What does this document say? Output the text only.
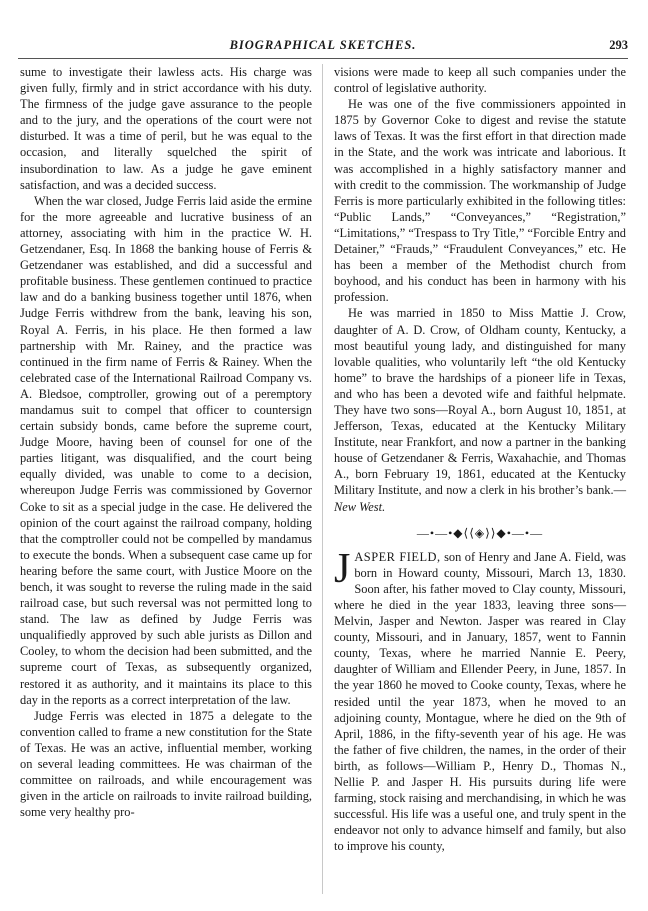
BIOGRAPHICAL SKETCHES.	293

sume to investigate their lawless acts. His charge was given fully, firmly and in strict accordance with his duty. The firmness of the judge gave assurance to the people and to the jury, and the operations of the court were not disturbed. It was a time of peril, but he was equal to the occasion, and literally squelched the spirit of insubordination to law. As a judge he gave eminent satisfaction, and was a decided success.

When the war closed, Judge Ferris laid aside the ermine for the more agreeable and lucrative business of an attorney, associating with him in the practice W. H. Getzendaner, Esq. In 1868 the banking house of Ferris & Getzendaner was established, and did a successful and profitable business. These gentlemen continued to practice law and do a banking business together until 1876, when Judge Ferris withdrew from the bank, leaving his son, Royal A. Ferris, in his place. He then formed a law partnership with Mr. Rainey, and the practice was continued in the firm name of Ferris & Rainey. When the celebrated case of the International Railroad Company vs. A. Bledsoe, comptroller, growing out of a peremptory mandamus suit to compel that officer to countersign certain subsidy bonds, came before the supreme court, Judge Moore, having been of counsel for one of the parties litigant, was disqualified, and the court being equally divided, was unable to come to a decision, whereupon Judge Ferris was commissioned by Governor Coke to sit as a special judge in the case. He delivered the opinion of the court against the railroad company, holding that the comptroller could not be compelled by mandamus to execute the bonds. When a subsequent case came up for hearing before the same court, with Justice Moore on the bench, it was sought to reverse the ruling made in the said railroad case, but such reversal was not permitted long to stand. The law as defined by Judge Ferris was unqualifiedly approved by such able jurists as Dillon and Cooley, to whom the decision had been submitted, and the supreme court of Texas, as subsequently organized, restored it as authority, and it maintains its place to this day in the reports as a correct interpretation of the law.

Judge Ferris was elected in 1875 a delegate to the convention called to frame a new constitution for the State of Texas. He was an active, influential member, working on several leading committees. He was chairman of the committee on railroads, and while encouragement was given in the article on railroads to invite railroad building, some very healthy pro-

visions were made to keep all such companies under the control of legislative authority.

He was one of the five commissioners appointed in 1875 by Governor Coke to digest and revise the statute laws of Texas. It was the first effort in that direction made in the State, and the work was intricate and laborious. It was accomplished in a highly satisfactory manner and with credit to the commission. The workmanship of Judge Ferris is more particularly exhibited in the following titles: “Public Lands,” “Conveyances,” “Registration,” “Limitations,” “Trespass to Try Title,” “Forcible Entry and Detainer,” “Frauds,” “Fraudulent Conveyances,” etc. He has been a member of the Methodist church from boyhood, and his conduct has been in harmony with his profession.

He was married in 1850 to Miss Mattie J. Crow, daughter of A. D. Crow, of Oldham county, Kentucky, a most beautiful young lady, and distinguished for many lovable qualities, who voluntarily left “the old Kentucky home” to brave the hardships of a pioneer life in Texas, and who has been a devoted wife and faithful helpmate. They have two sons—Royal A., born August 10, 1851, at Jefferson, Texas, educated at the Kentucky Military Institute, near Frankfort, and now a partner in the banking house of Getzendaner & Ferris, Waxahachie, and Thomas A., born February 19, 1861, educated at the Kentucky Military Institute, and now a clerk in his brother’s bank.—New West.

—•—•◆⟨⟨◈⟩⟩◆•—•—

JASPER FIELD, son of Henry and Jane A. Field, was born in Howard county, Missouri, March 13, 1830. Soon after, his father moved to Clay county, Missouri, where he died in the year 1833, leaving three sons—Melvin, Jasper and Newton. Jasper was reared in Clay county, Missouri, and in January, 1857, went to Fannin county, Texas, where he married Nannie E. Peery, daughter of William and Ellender Peery, in June, 1857. In the year 1860 he moved to Cooke county, Texas, where he resided until the year 1873, when he moved to an adjoining county, Montague, where he died on the 9th of April, 1886, in the fifty-seventh year of his age. He was the father of five children, the names, in the order of their birth, as follows—William P., Henry D., Thomas N., Nellie P. and Jasper H. His pursuits during life were farming, stock raising and merchandising, in which he was successful. His life was a useful one, and truly spent in the endeavor not only to advance himself and family, but also to improve his county,
